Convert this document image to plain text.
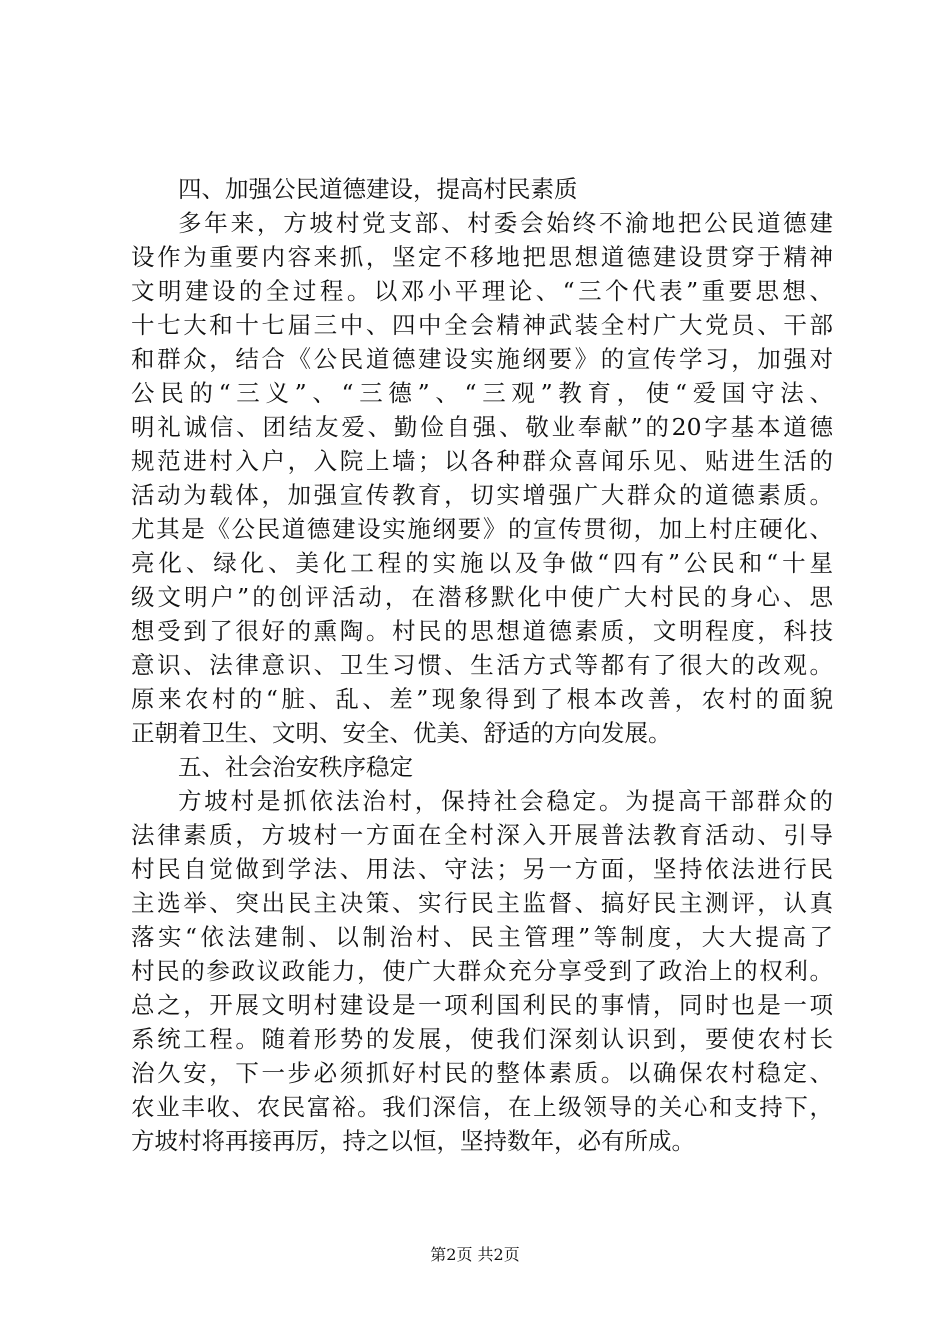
四、加强公民道德建设，提高村民素质
多年来，方坡村党支部、村委会始终不渝地把公民道德建
设作为重要内容来抓，坚定不移地把思想道德建设贯穿于精神
文明建设的全过程。以邓小平理论、“三个代表”重要思想、
十七大和十七届三中、四中全会精神武装全村广大党员、干部
和群众，结合《公民道德建设实施纲要》的宣传学习，加强对
公民的“三义”、“三德”、“三观”教育，使“爱国守法、
明礼诚信、团结友爱、勤俭自强、敬业奉献”的20字基本道德
规范进村入户，入院上墙；以各种群众喜闻乐见、贴进生活的
活动为载体，加强宣传教育，切实增强广大群众的道德素质。
尤其是《公民道德建设实施纲要》的宣传贯彻，加上村庄硬化、
亮化、绿化、美化工程的实施以及争做“四有”公民和“十星
级文明户”的创评活动，在潜移默化中使广大村民的身心、思
想受到了很好的熏陶。村民的思想道德素质，文明程度，科技
意识、法律意识、卫生习惯、生活方式等都有了很大的改观。
原来农村的“脏、乱、差”现象得到了根本改善，农村的面貌
正朝着卫生、文明、安全、优美、舒适的方向发展。
五、社会治安秩序稳定
方坡村是抓依法治村，保持社会稳定。为提高干部群众的
法律素质，方坡村一方面在全村深入开展普法教育活动、引导
村民自觉做到学法、用法、守法；另一方面，坚持依法进行民
主选举、突出民主决策、实行民主监督、搞好民主测评，认真
落实“依法建制、以制治村、民主管理”等制度，大大提高了
村民的参政议政能力，使广大群众充分享受到了政治上的权利。
总之，开展文明村建设是一项利国利民的事情，同时也是一项
系统工程。随着形势的发展，使我们深刻认识到，要使农村长
治久安，下一步必须抓好村民的整体素质。以确保农村稳定、
农业丰收、农民富裕。我们深信，在上级领导的关心和支持下，
方坡村将再接再厉，持之以恒，坚持数年，必有所成。
第2页 共2页
